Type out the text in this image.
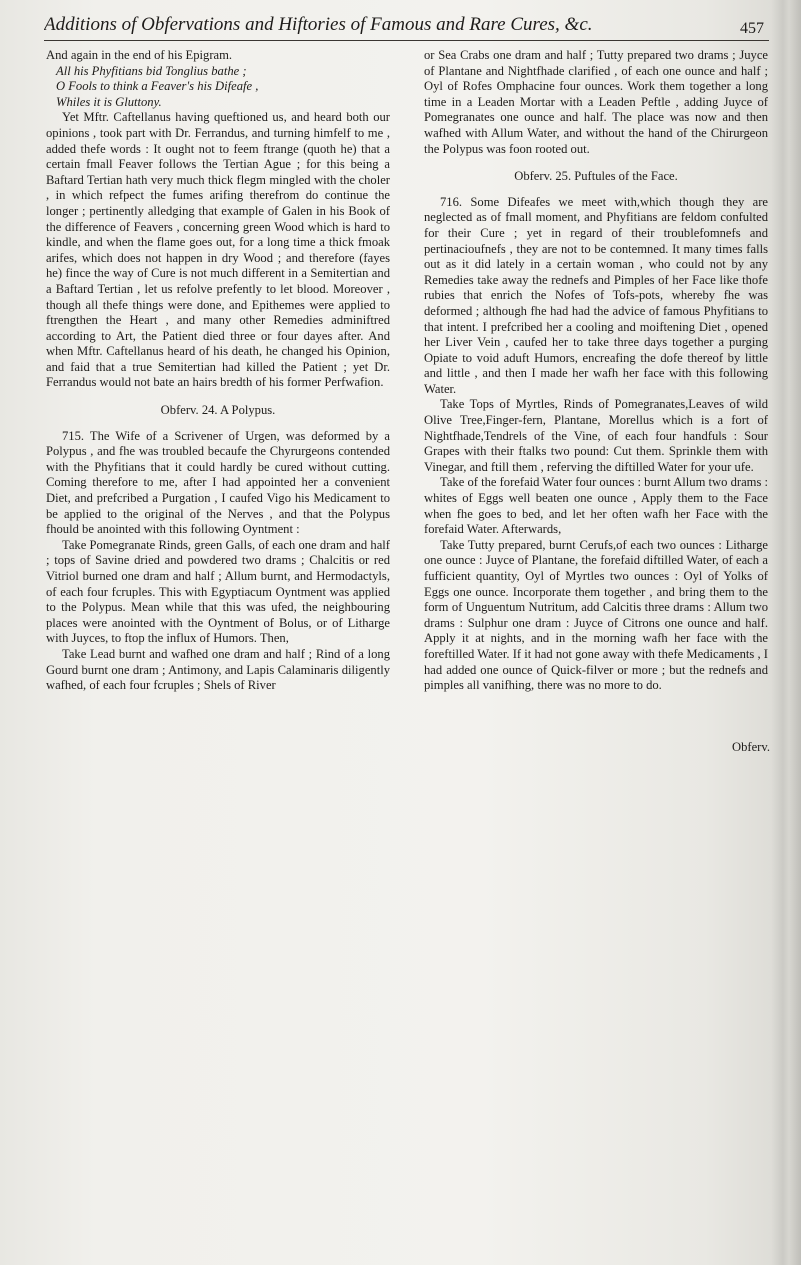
Additions of Obfervations and Hiftories of Famous and Rare Cures, &c.	457

And again in the end of his Epigram.

All his Phyfitians bid Tonglius bathe ;

O Fools to think a Feaver's his Difeafe ,

Whiles it is Gluttony.

Yet Mftr. Caftellanus having queftioned us, and heard both our opinions , took part with Dr. Ferrandus, and turning himfelf to me , added thefe words : It ought not to feem ftrange (quoth he) that a certain fmall Feaver follows the Tertian Ague ; for this being a Baftard Tertian hath very much thick flegm mingled with the choler , in which refpect the fumes arifing therefrom do continue the longer ; pertinently alledging that example of Galen in his Book of the difference of Feavers , concerning green Wood which is hard to kindle, and when the flame goes out, for a long time a thick fmoak arifes, which does not happen in dry Wood ; and therefore (fayes he) fince the way of Cure is not much different in a Semitertian and a Baftard Tertian , let us refolve prefently to let blood. Moreover , though all thefe things were done, and Epithemes were applied to ftrengthen the Heart , and many other Remedies adminiftred according to Art, the Patient died three or four dayes after. And when Mftr. Caftellanus heard of his death, he changed his Opinion, and faid that a true Semitertian had killed the Patient ; yet Dr. Ferrandus would not bate an hairs bredth of his former Perfwafion.

Obferv. 24. A Polypus.

715. The Wife of a Scrivener of Urgen, was deformed by a Polypus , and fhe was troubled becaufe the Chyrurgeons contended with the Phyfitians that it could hardly be cured without cutting. Coming therefore to me, after I had appointed her a convenient Diet, and prefcribed a Purgation , I caufed Vigo his Medicament to be applied to the original of the Nerves , and that the Polypus fhould be anointed with this following Oyntment :

Take Pomegranate Rinds, green Galls, of each one dram and half ; tops of Savine dried and powdered two drams ; Chalcitis or red Vitriol burned one dram and half ; Allum burnt, and Hermodactyls, of each four fcruples. This with Egyptiacum Oyntment was applied to the Polypus. Mean while that this was ufed, the neighbouring places were anointed with the Oyntment of Bolus, or of Litharge with Juyces, to ftop the influx of Humors. Then,

Take Lead burnt and wafhed one dram and half ; Rind of a long Gourd burnt one dram ; Antimony, and Lapis Calaminaris diligently wafhed, of each four fcruples ; Shels of River

or Sea Crabs one dram and half ; Tutty prepared two drams ; Juyce of Plantane and Nightfhade clarified , of each one ounce and half ; Oyl of Rofes Omphacine four ounces. Work them together a long time in a Leaden Mortar with a Leaden Peftle , adding Juyce of Pomegranates one ounce and half. The place was now and then wafhed with Allum Water, and without the hand of the Chirurgeon the Polypus was foon rooted out.

Obferv. 25. Puftules of the Face.

716. Some Difeafes we meet with,which though they are neglected as of fmall moment, and Phyfitians are feldom confulted for their Cure ; yet in regard of their troublefomnefs and pertinacioufnefs , they are not to be contemned. It many times falls out as it did lately in a certain woman , who could not by any Remedies take away the rednefs and Pimples of her Face like thofe rubies that enrich the Nofes of Tofs-pots, whereby fhe was deformed ; although fhe had had the advice of famous Phyfitians to that intent. I prefcribed her a cooling and moiftening Diet , opened her Liver Vein , caufed her to take three days together a purging Opiate to void aduft Humors, encreafing the dofe thereof by little and little , and then I made her wafh her face with this following Water.

Take Tops of Myrtles, Rinds of Pomegranates,Leaves of wild Olive Tree,Finger-fern, Plantane, Morellus which is a fort of Nightfhade,Tendrels of the Vine, of each four handfuls : Sour Grapes with their ftalks two pound: Cut them. Sprinkle them with Vinegar, and ftill them , referving the diftilled Water for your ufe.

Take of the forefaid Water four ounces : burnt Allum two drams : whites of Eggs well beaten one ounce , Apply them to the Face when fhe goes to bed, and let her often wafh her Face with the forefaid Water. Afterwards,

Take Tutty prepared, burnt Cerufs,of each two ounces : Litharge one ounce : Juyce of Plantane, the forefaid diftilled Water, of each a fufficient quantity, Oyl of Myrtles two ounces : Oyl of Yolks of Eggs one ounce. Incorporate them together , and bring them to the form of Unguentum Nutritum, add Calcitis three drams : Allum two drams : Sulphur one dram : Juyce of Citrons one ounce and half. Apply it at nights, and in the morning wafh her face with the foreftilled Water. If it had not gone away with thefe Medicaments , I had added one ounce of Quick-filver or more ; but the rednefs and pimples all vanifhing, there was no more to do.

Obferv.
